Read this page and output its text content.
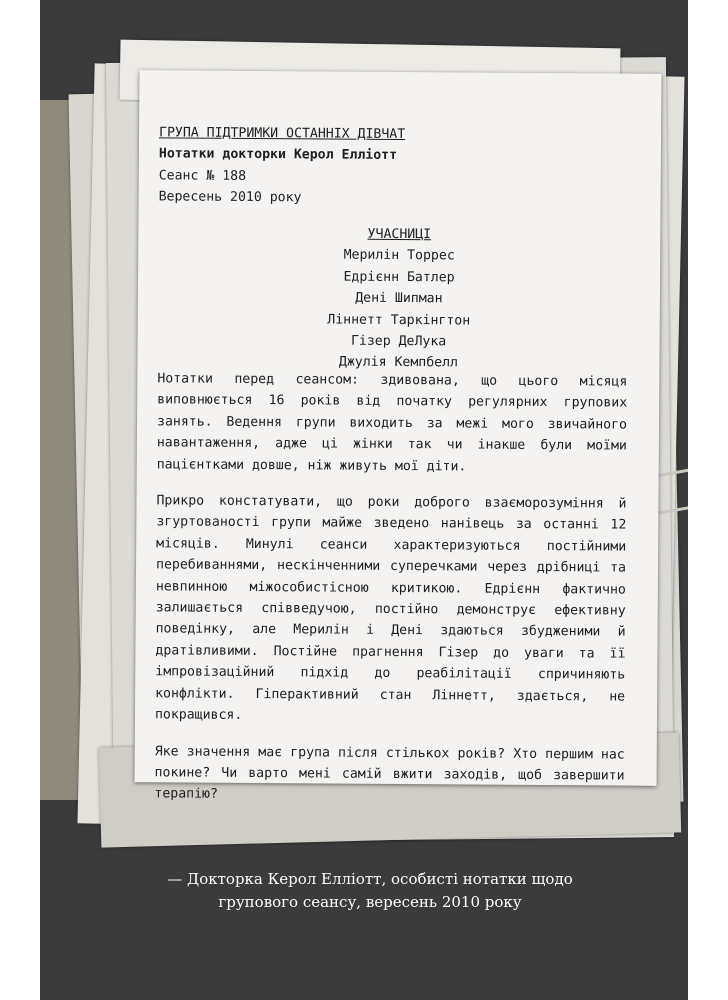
ГРУПА ПІДТРИМКИ ОСТАННІХ ДІВЧАТ
Нотатки докторки Керол Елліотт
Сеанс № 188
Вересень 2010 року
УЧАСНИЦІ
Мерилін Торрес
Едрієнн Батлер
Дені Шипман
Ліннетт Таркінгтон
Гізер ДеЛука
Джулія Кемпбелл

Нотатки перед сеансом: здивована, що цього місяця виповнюється 16 років від початку регулярних групових занять. Ведення групи виходить за межі мого звичайного навантаження, адже ці жінки так чи інакше були моїми пацієнтками довше, ніж живуть мої діти.

Прикро констатувати, що роки доброго взаєморозуміння й згуртованості групи майже зведено нанівець за останні 12 місяців. Минулі сеанси характеризуються постійними перебиваннями, нескінченними суперечками через дрібниці та невпинною міжособистісною критикою. Едрієнн фактично залишається співведучою, постійно демонструє ефективну поведінку, але Мерилін і Дені здаються збудженими й дратівливими. Постійне прагнення Гізер до уваги та її імпровізаційний підхід до реабілітації спричиняють конфлікти. Гіперактивний стан Ліннетт, здається, не покращився.

Яке значення має група після стількох років? Хто першим нас покине? Чи варто мені самій вжити заходів, щоб завершити терапію?

— Докторка Керол Елліотт, особисті нотатки щодо
групового сеансу, вересень 2010 року
